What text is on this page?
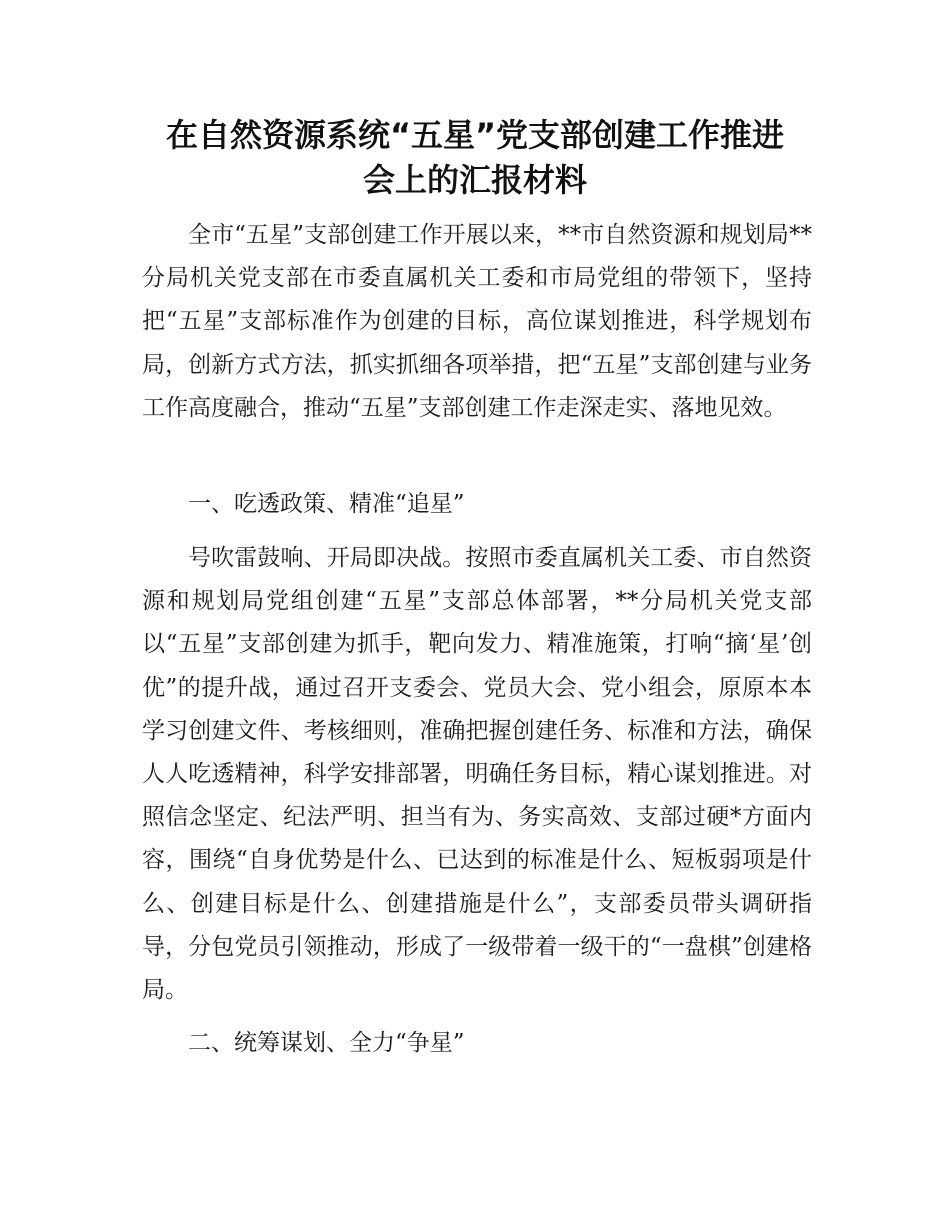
在自然资源系统“五星”党支部创建工作推进
会上的汇报材料

全市“五星”支部创建工作开展以来，**市自然资源和规划局**分局机关党支部在市委直属机关工委和市局党组的带领下，坚持把“五星”支部标准作为创建的目标，高位谋划推进，科学规划布局，创新方式方法，抓实抓细各项举措，把“五星”支部创建与业务工作高度融合，推动“五星”支部创建工作走深走实、落地见效。

一、吃透政策、精准“追星”

号吹雷鼓响、开局即决战。按照市委直属机关工委、市自然资源和规划局党组创建“五星”支部总体部署，**分局机关党支部以“五星”支部创建为抓手，靶向发力、精准施策，打响“摘‘星’创优”的提升战，通过召开支委会、党员大会、党小组会，原原本本学习创建文件、考核细则，准确把握创建任务、标准和方法，确保人人吃透精神，科学安排部署，明确任务目标，精心谋划推进。对照信念坚定、纪法严明、担当有为、务实高效、支部过硬*方面内容，围绕“自身优势是什么、已达到的标准是什么、短板弱项是什么、创建目标是什么、创建措施是什么”，支部委员带头调研指导，分包党员引领推动，形成了一级带着一级干的“一盘棋”创建格局。

二、统筹谋划、全力“争星”
